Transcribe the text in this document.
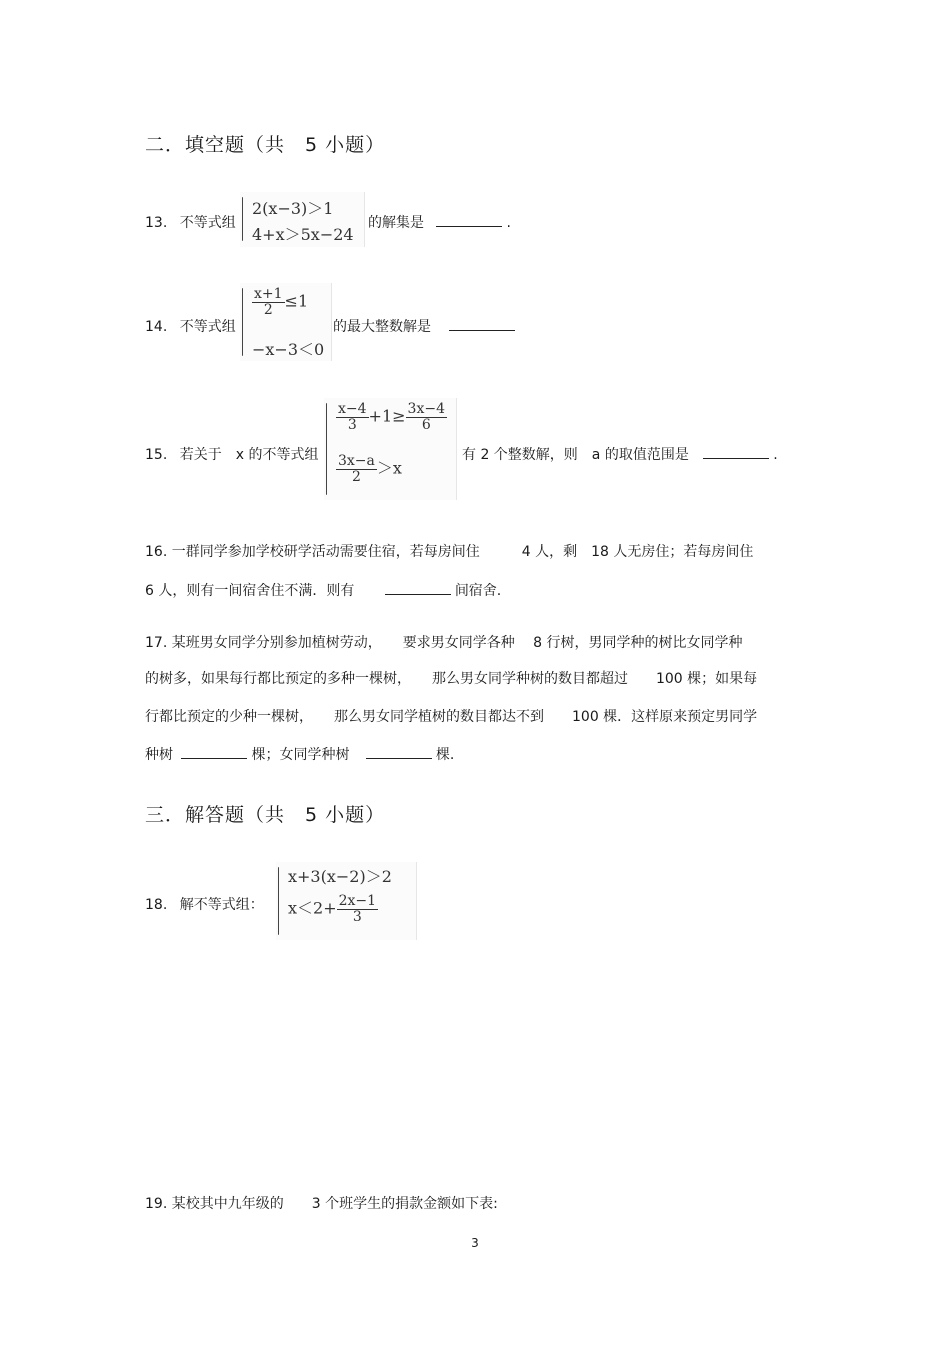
二．填空题（共　5 小题）
13. 不等式组
2(x−3)＞1
4+x＞5x−24
的解集是	.
14. 不等式组
$\frac{x+1}{2} \le 1$
−x−3＜0
的最大整数解是
15. 若关于　x 的不等式组
$\frac{x-4}{3} +1\ge \frac{3x-4}{6}$
$\frac{3x-a}{2} >x$
有 2 个整数解，则　a 的取值范围是	.
16. 一群同学参加学校研学活动需要住宿，若每房间住　　　4 人，剩　18 人无房住；若每房间住
6 人，则有一间宿舍住不满．则有	间宿舍.
17. 某班男女同学分别参加植树劳动，　　要求男女同学各种　 8 行树，男同学种的树比女同学种
的树多，如果每行都比预定的多种一棵树，　　那么男女同学种树的数目都超过　　100 棵；如果每
行都比预定的少种一棵树，　　那么男女同学植树的数目都达不到　　100 棵．这样原来预定男同学
种树	棵；女同学种树	棵.
三．解答题（共　5 小题）
18. 解不等式组：
x+3(x−2)＞2
$x<2+ \frac{2x-1}{3}$
19. 某校其中九年级的　　3 个班学生的捐款金额如下表:
3
